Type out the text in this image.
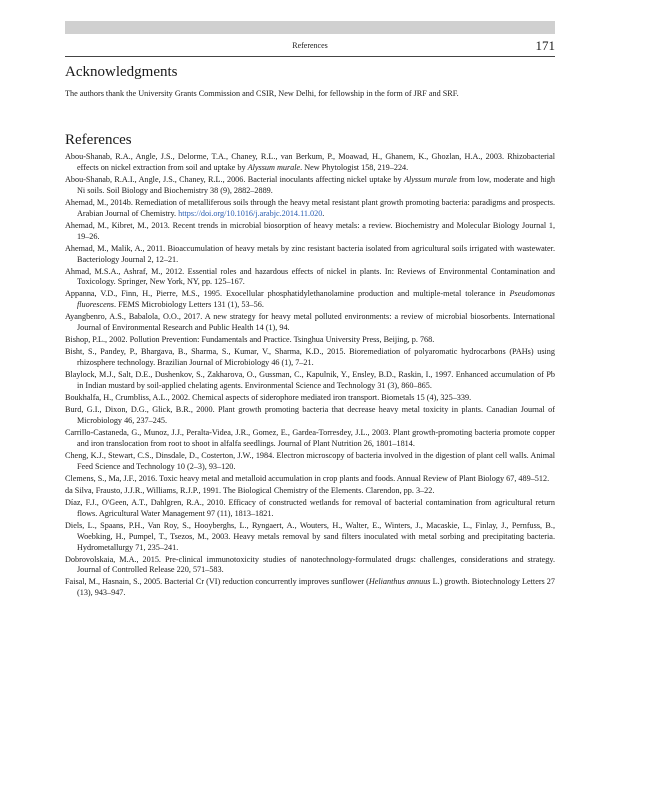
References	171
Acknowledgments

The authors thank the University Grants Commission and CSIR, New Delhi, for fellowship in the form of JRF and SRF.

References
Abou-Shanab, R.A., Angle, J.S., Delorme, T.A., Chaney, R.L., van Berkum, P., Moawad, H., Ghanem, K., Ghozlan, H.A., 2003. Rhizobacterial effects on nickel extraction from soil and uptake by Alyssum murale. New Phytologist 158, 219–224.
Abou-Shanab, R.A.I., Angle, J.S., Chaney, R.L., 2006. Bacterial inoculants affecting nickel uptake by Alyssum murale from low, moderate and high Ni soils. Soil Biology and Biochemistry 38 (9), 2882–2889.
Ahemad, M., 2014b. Remediation of metalliferous soils through the heavy metal resistant plant growth promoting bacteria: paradigms and prospects. Arabian Journal of Chemistry. https://doi.org/10.1016/j.arabjc.2014.11.020.
Ahemad, M., Kibret, M., 2013. Recent trends in microbial biosorption of heavy metals: a review. Biochemistry and Molecular Biology Journal 1, 19–26.
Ahemad, M., Malik, A., 2011. Bioaccumulation of heavy metals by zinc resistant bacteria isolated from agricultural soils irrigated with wastewater. Bacteriology Journal 2, 12–21.
Ahmad, M.S.A., Ashraf, M., 2012. Essential roles and hazardous effects of nickel in plants. In: Reviews of Environmental Contamination and Toxicology. Springer, New York, NY, pp. 125–167.
Appanna, V.D., Finn, H., Pierre, M.S., 1995. Exocellular phosphatidylethanolamine production and multiple-metal tolerance in Pseudomonas fluorescens. FEMS Microbiology Letters 131 (1), 53–56.
Ayangbenro, A.S., Babalola, O.O., 2017. A new strategy for heavy metal polluted environments: a review of microbial biosorbents. International Journal of Environmental Research and Public Health 14 (1), 94.
Bishop, P.L., 2002. Pollution Prevention: Fundamentals and Practice. Tsinghua University Press, Beijing, p. 768.
Bisht, S., Pandey, P., Bhargava, B., Sharma, S., Kumar, V., Sharma, K.D., 2015. Bioremediation of polyaromatic hydrocarbons (PAHs) using rhizosphere technology. Brazilian Journal of Microbiology 46 (1), 7–21.
Blaylock, M.J., Salt, D.E., Dushenkov, S., Zakharova, O., Gussman, C., Kapulnik, Y., Ensley, B.D., Raskin, I., 1997. Enhanced accumulation of Pb in Indian mustard by soil-applied chelating agents. Environmental Science and Technology 31 (3), 860–865.
Boukhalfa, H., Crumbliss, A.L., 2002. Chemical aspects of siderophore mediated iron transport. Biometals 15 (4), 325–339.
Burd, G.I., Dixon, D.G., Glick, B.R., 2000. Plant growth promoting bacteria that decrease heavy metal toxicity in plants. Canadian Journal of Microbiology 46, 237–245.
Carrillo-Castaneda, G., Munoz, J.J., Peralta-Videa, J.R., Gomez, E., Gardea-Torresdey, J.L., 2003. Plant growth-promoting bacteria promote copper and iron translocation from root to shoot in alfalfa seedlings. Journal of Plant Nutrition 26, 1801–1814.
Cheng, K.J., Stewart, C.S., Dinsdale, D., Costerton, J.W., 1984. Electron microscopy of bacteria involved in the digestion of plant cell walls. Animal Feed Science and Technology 10 (2–3), 93–120.
Clemens, S., Ma, J.F., 2016. Toxic heavy metal and metalloid accumulation in crop plants and foods. Annual Review of Plant Biology 67, 489–512.
da Silva, Frausto, J.J.R., Williams, R.J.P., 1991. The Biological Chemistry of the Elements. Clarendon, pp. 3–22.
Díaz, F.J., O'Geen, A.T., Dahlgren, R.A., 2010. Efficacy of constructed wetlands for removal of bacterial contamination from agricultural return flows. Agricultural Water Management 97 (11), 1813–1821.
Diels, L., Spaans, P.H., Van Roy, S., Hooyberghs, L., Ryngaert, A., Wouters, H., Walter, E., Winters, J., Macaskie, L., Finlay, J., Pernfuss, B., Woebking, H., Pumpel, T., Tsezos, M., 2003. Heavy metals removal by sand filters inoculated with metal sorbing and precipitating bacteria. Hydrometallurgy 71, 235–241.
Dobrovolskaia, M.A., 2015. Pre-clinical immunotoxicity studies of nanotechnology-formulated drugs: challenges, considerations and strategy. Journal of Controlled Release 220, 571–583.
Faisal, M., Hasnain, S., 2005. Bacterial Cr (VI) reduction concurrently improves sunflower (Helianthus annuus L.) growth. Biotechnology Letters 27 (13), 943–947.
